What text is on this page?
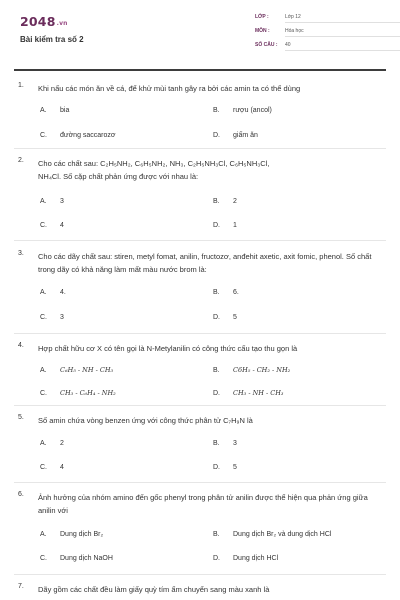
2048.vn
Bài kiểm tra số 2
LỚP :	Lớp 12
MÔN :	Hóa học
SỐ CÂU :	40
1. Khi nấu các món ăn về cá, để khử mùi tanh gây ra bởi các amin ta có thể dùng
A. bia	B. rượu (ancol)
C. đường saccarozơ	D. giấm ăn
2. Cho các chất sau: C₂H₅NH₂, C₆H₅NH₂, NH₃, C₂H₅NH₃Cl, C₆H₅NH₃Cl,
NH₄Cl. Số cặp chất phản ứng được với nhau là:
A. 3	B. 2
C. 4	D. 1
3. Cho các dãy chất sau: stiren, metyl fomat, anilin, fructozơ, anđehit axetic, axit fomic, phenol. Số chất trong dãy có khả năng làm mất màu nước brom là:
A. 4.	B. 6.
C. 3	D. 5
4. Hợp chất hữu cơ X có tên gọi là N-Metylanilin có công thức cấu tạo thu gọn là
A. C₆H₅ - NH - CH₃	B. C6H₅ - CH₂ - NH₂
C. CH₃ - C₆H₄ - NH₂	D. CH₃ - NH - CH₃
5. Số amin chứa vòng benzen ứng với công thức phân tử C₇H₉N là
A. 2	B. 3
C. 4	D. 5
6. Ảnh hưởng của nhóm amino đến gốc phenyl trong phân tử anilin được thể hiện qua phản ứng giữa anilin với
A. Dung dịch Br₂	B. Dung dịch Br₂ và dung dịch HCl
C. Dung dịch NaOH	D. Dung dịch HCl
7. Dãy gồm các chất đều làm giấy quỳ tím ẩm chuyển sang màu xanh là
